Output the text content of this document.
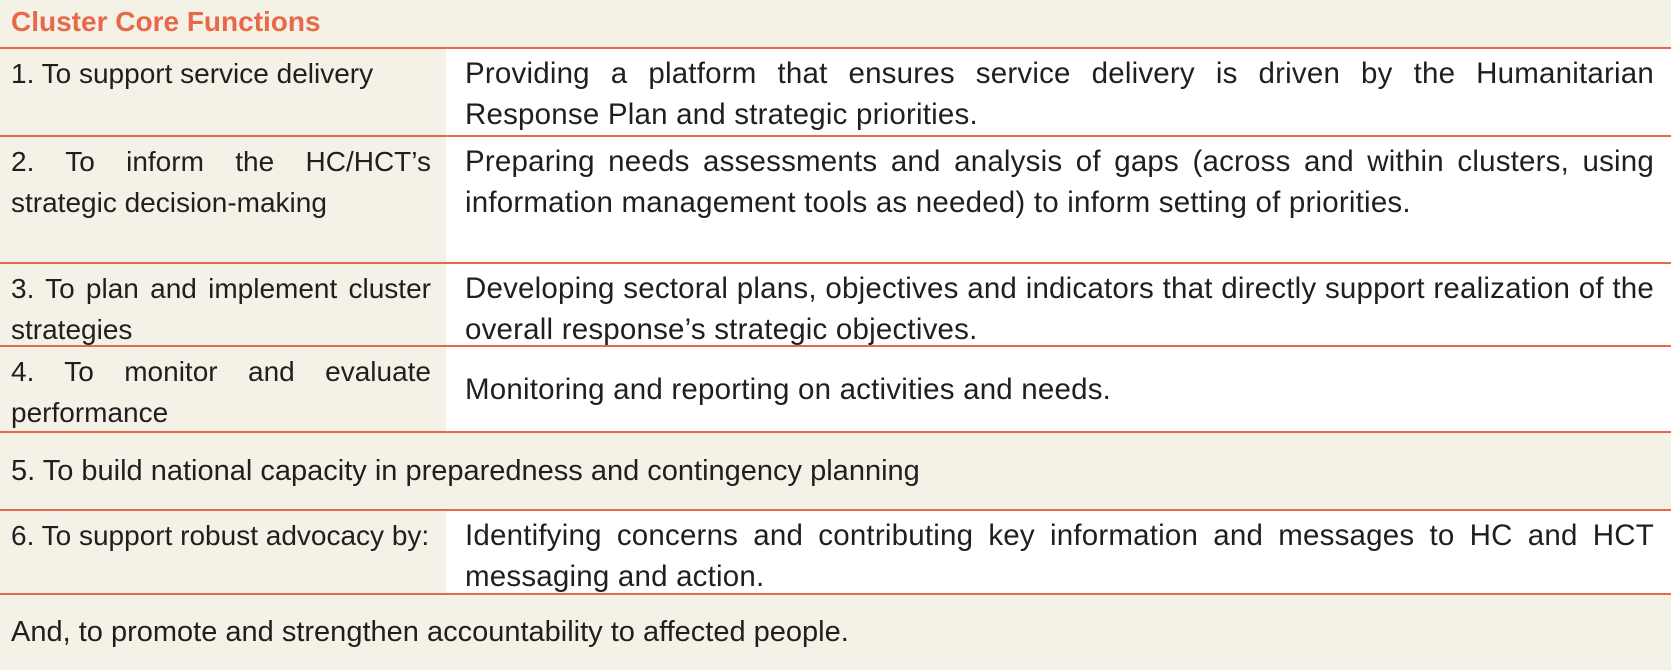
Cluster Core Functions
1. To support service delivery	Providing a platform that ensures service delivery is driven by the Humanitarian Response Plan and strategic priorities.
2. To inform the HC/HCT’s strategic decision-making
Preparing needs assessments and analysis of gaps (across and within clusters, using information management tools as needed) to inform setting of priorities.
3. To plan and implement cluster strategies
Developing sectoral plans, objectives and indicators that directly support realization of the overall response’s strategic objectives.
4. To monitor and evaluate performance
Monitoring and reporting on activities and needs.
5. To build national capacity in preparedness and contingency planning
6. To support robust advocacy by:	Identifying concerns and contributing key information and messages to HC and HCT messaging and action.
And, to promote and strengthen accountability to affected people.
